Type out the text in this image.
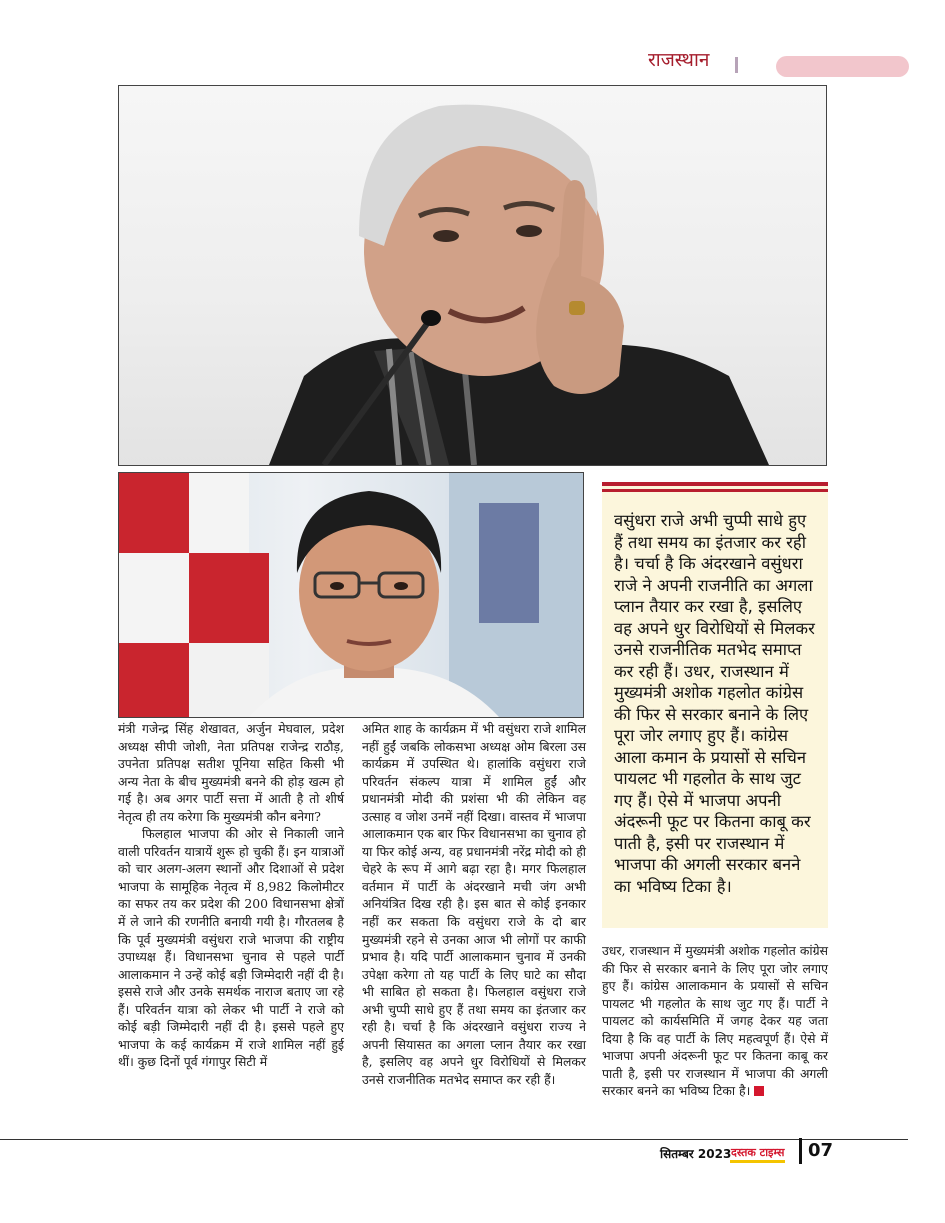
राजस्थान
वसुंधरा राजे अभी चुप्पी साधे हुए हैं तथा समय का इंतजार कर रही है। चर्चा है कि अंदरखाने वसुंधरा राजे ने अपनी राजनीति का अगला प्लान तैयार कर रखा है, इसलिए वह अपने धुर विरोधियों से मिलकर उनसे राजनीतिक मतभेद समाप्त कर रही हैं। उधर, राजस्थान में मुख्यमंत्री अशोक गहलोत कांग्रेस की फिर से सरकार बनाने के लिए पूरा जोर लगाए हुए हैं। कांग्रेस आला कमान के प्रयासों से सचिन पायलट भी गहलोत के साथ जुट गए हैं। ऐसे में भाजपा अपनी अंदरूनी फूट पर कितना काबू कर पाती है, इसी पर राजस्थान में भाजपा की अगली सरकार बनने का भविष्य टिका है।

मंत्री गजेन्द्र सिंह शेखावत, अर्जुन मेघवाल, प्रदेश अध्यक्ष सीपी जोशी, नेता प्रतिपक्ष राजेन्द्र राठौड़, उपनेता प्रतिपक्ष सतीश पूनिया सहित किसी भी अन्य नेता के बीच मुख्यमंत्री बनने की होड़ खत्म हो गई है। अब अगर पार्टी सत्ता में आती है तो शीर्ष नेतृत्व ही तय करेगा कि मुख्यमंत्री कौन बनेगा?

फिलहाल भाजपा की ओर से निकाली जाने वाली परिवर्तन यात्रायें शुरू हो चुकी हैं। इन यात्राओं को चार अलग-अलग स्थानों और दिशाओं से प्रदेश भाजपा के सामूहिक नेतृत्व में 8,982 किलोमीटर का सफर तय कर प्रदेश की 200 विधानसभा क्षेत्रों में ले जाने की रणनीति बनायी गयी है। गौरतलब है कि पूर्व मुख्यमंत्री वसुंधरा राजे भाजपा की राष्ट्रीय उपाध्यक्ष हैं। विधानसभा चुनाव से पहले पार्टी आलाकमान ने उन्हें कोई बड़ी जिम्मेदारी नहीं दी है। इससे राजे और उनके समर्थक नाराज बताए जा रहे हैं। परिवर्तन यात्रा को लेकर भी पार्टी ने राजे को कोई बड़ी जिम्मेदारी नहीं दी है। इससे पहले हुए भाजपा के कई कार्यक्रम में राजे शामिल नहीं हुई थीं। कुछ दिनों पूर्व गंगापुर सिटी में

अमित शाह के कार्यक्रम में भी वसुंधरा राजे शामिल नहीं हुईं जबकि लोकसभा अध्यक्ष ओम बिरला उस कार्यक्रम में उपस्थित थे। हालांकि वसुंधरा राजे परिवर्तन संकल्प यात्रा में शामिल हुईं और प्रधानमंत्री मोदी की प्रशंसा भी की लेकिन वह उत्साह व जोश उनमें नहीं दिखा। वास्तव में भाजपा आलाकमान एक बार फिर विधानसभा का चुनाव हो या फिर कोई अन्य, वह प्रधानमंत्री नरेंद्र मोदी को ही चेहरे के रूप में आगे बढ़ा रहा है। मगर फिलहाल वर्तमान में पार्टी के अंदरखाने मची जंग अभी अनियंत्रित दिख रही है। इस बात से कोई इनकार नहीं कर सकता कि वसुंधरा राजे के दो बार मुख्यमंत्री रहने से उनका आज भी लोगों पर काफी प्रभाव है। यदि पार्टी आलाकमान चुनाव में उनकी उपेक्षा करेगा तो यह पार्टी के लिए घाटे का सौदा भी साबित हो सकता है। फिलहाल वसुंधरा राजे अभी चुप्पी साधे हुए हैं तथा समय का इंतजार कर रही है। चर्चा है कि अंदरखाने वसुंधरा राज्य ने अपनी सियासत का अगला प्लान तैयार कर रखा है, इसलिए वह अपने धुर विरोधियों से मिलकर उनसे राजनीतिक मतभेद समाप्त कर रही हैं।

उधर, राजस्थान में मुख्यमंत्री अशोक गहलोत कांग्रेस की फिर से सरकार बनाने के लिए पूरा जोर लगाए हुए हैं। कांग्रेस आलाकमान के प्रयासों से सचिन पायलट भी गहलोत के साथ जुट गए हैं। पार्टी ने पायलट को कार्यसमिति में जगह देकर यह जता दिया है कि वह पार्टी के लिए महत्वपूर्ण हैं। ऐसे में भाजपा अपनी अंदरूनी फूट पर कितना काबू कर पाती है, इसी पर राजस्थान में भाजपा की अगली सरकार बनने का भविष्य टिका है।

सितम्बर 2023 दस्तक टाइम्स 07
